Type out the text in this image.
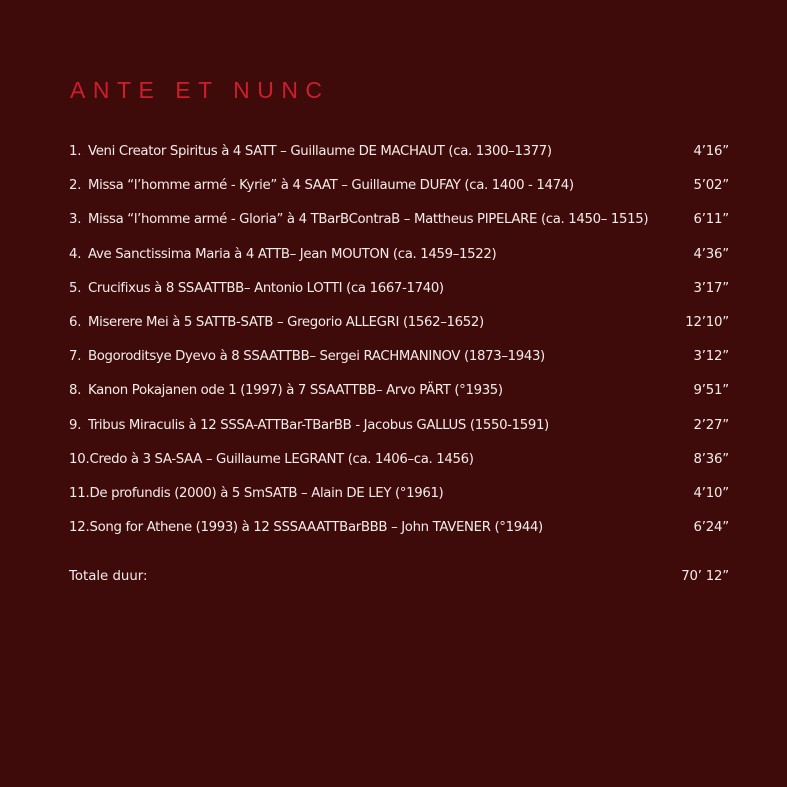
ANTE ET NUNC
1. Veni Creator Spiritus à 4 SATT – Guillaume DE MACHAUT (ca. 1300–1377)	4’16”
2. Missa “l’homme armé - Kyrie” à 4 SAAT – Guillaume DUFAY (ca. 1400 - 1474)	5’02”
3. Missa “l’homme armé - Gloria” à 4 TBarBContraB – Mattheus PIPELARE (ca. 1450– 1515)	6’11”
4. Ave Sanctissima Maria à 4 ATTB– Jean MOUTON (ca. 1459–1522)	4’36”
5. Crucifixus à 8 SSAATTBB– Antonio LOTTI (ca 1667-1740)	3’17”
6. Miserere Mei à 5 SATTB-SATB – Gregorio ALLEGRI (1562–1652)	12’10”
7. Bogoroditsye Dyevo à 8 SSAATTBB– Sergei RACHMANINOV (1873–1943)	3’12”
8. Kanon Pokajanen ode 1 (1997) à 7 SSAATTBB– Arvo PÄRT (°1935)	9’51”
9. Tribus Miraculis à 12 SSSA-ATTBar-TBarBB - Jacobus GALLUS (1550-1591)	2’27”
10. Credo à 3 SA-SAA – Guillaume LEGRANT (ca. 1406–ca. 1456)	8’36”
11. De profundis (2000) à 5 SmSATB – Alain DE LEY (°1961)	4’10”
12. Song for Athene (1993) à 12 SSSAAATTBarBBB – John TAVENER (°1944)	6’24”
Totale duur:	70’ 12”
